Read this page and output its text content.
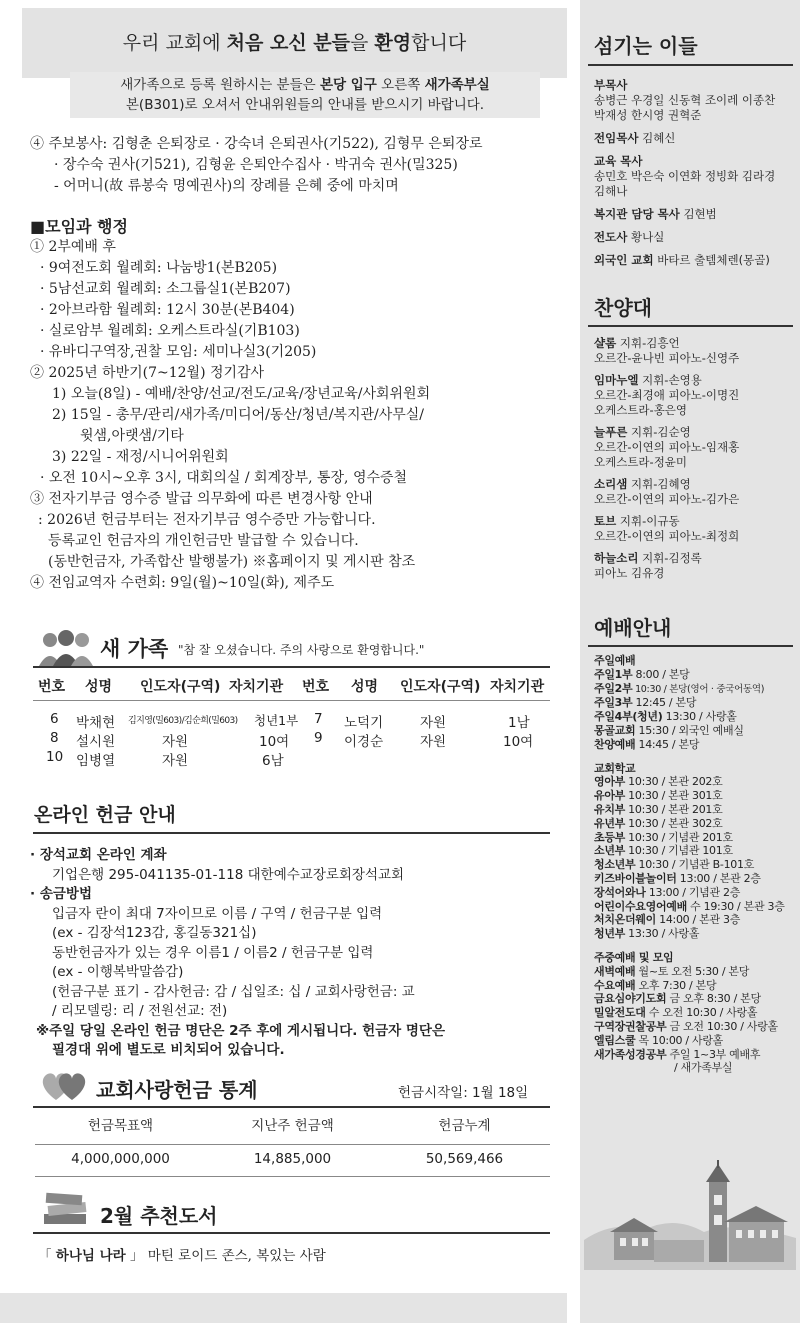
우리 교회에 처음 오신 분들을 환영합니다
새가족으로 등록 원하시는 분들은 본당 입구 오른쪽 새가족부실
본(B301)로 오셔서 안내위원들의 안내를 받으시기 바랍니다.
④ 주보봉사: 김형춘 은퇴장로 · 강숙녀 은퇴권사(기522), 김형무 은퇴장로
· 장수숙 권사(기521), 김형윤 은퇴안수집사 · 박귀숙 권사(밀325)
- 어머니(故 류봉숙 명예권사)의 장례를 은혜 중에 마치며
■모임과 행정
① 2부예배 후
· 9여전도회 월례회: 나눔방1(본B205)
· 5남선교회 월례회: 소그룹실1(본B207)
· 2아브라함 월례회: 12시 30분(본B404)
· 실로암부 월례회: 오케스트라실(기B103)
· 유바디구역장,권찰 모임: 세미나실3(기205)
② 2025년 하반기(7~12월) 정기감사
1) 오늘(8일) - 예배/찬양/선교/전도/교육/장년교육/사회위원회
2) 15일 - 총무/관리/새가족/미디어/동산/청년/복지관/사무실/
윗샘,아랫샘/기타
3) 22일 - 재정/시니어위원회
· 오전 10시~오후 3시, 대회의실 / 회계장부, 통장, 영수증철
③ 전자기부금 영수증 발급 의무화에 따른 변경사항 안내
: 2026년 헌금부터는 전자기부금 영수증만 가능합니다.
등록교인 헌금자의 개인헌금만 발급할 수 있습니다.
(동반헌금자, 가족합산 발행불가) ※홈페이지 및 게시판 참조
④ 전임교역자 수련회: 9일(월)~10일(화), 제주도
새 가족 "참 잘 오셨습니다. 주의 사랑으로 환영합니다."
번호 성명 인도자(구역) 자치기관 번호 성명 인도자(구역) 자치기관
6 박채현 김지영(밀603)/김순희(밀603) 청년1부 7 노덕기	자원	1남
8 설시원	자원	10여 9 이경순	자원	10여
10 임병열	자원	6남
온라인 헌금 안내
· 장석교회 온라인 계좌
기업은행 295-041135-01-118 대한예수교장로회장석교회
· 송금방법
입금자 란이 최대 7자이므로 이름 / 구역 / 헌금구분 입력
(ex - 김장석123감, 홍길동321십)
동반헌금자가 있는 경우 이름1 / 이름2 / 헌금구분 입력
(ex - 이행복박말씀감)
(헌금구분 표기 - 감사헌금: 감 / 십일조: 십 / 교회사랑헌금: 교
/ 리모델링: 리 / 전원선교: 전)
※주일 당일 온라인 헌금 명단은 2주 후에 게시됩니다. 헌금자 명단은
필경대 위에 별도로 비치되어 있습니다.
교회사랑헌금 통계	헌금시작일: 1월 18일
헌금목표액	지난주 헌금액	헌금누계
4,000,000,000	14,885,000	50,569,466
2월 추천도서
「 하나님 나라 」 마틴 로이드 존스, 복있는 사람
섬기는 이들
부목사
송병근 우경일 신동혁 조이레 이종찬
박재성 한시영 권혁준
전임목사 김혜신
교육 목사
송민호 박은숙 이연화 정빙화 김라경
김해나
복지관 담당 목사 김현범
전도사 황나실
외국인 교회 바타르 출템체렌(몽골)
찬양대
샬롬 지휘-김흥언
오르간-윤나빈 피아노-신영주
임마누엘 지휘-손영용
오르간-최경애 피아노-이명진
오케스트라-홍은영
늘푸른 지휘-김순영
오르간-이연의 피아노-임재홍
오케스트라-정윤미
소리샘 지휘-김혜영
오르간-이연의 피아노-김가은
토브 지휘-이규동
오르간-이연의 피아노-최정희
하늘소리 지휘-김정록
피아노 김유경
예배안내
주일예배
주일1부 8:00 / 본당
주일2부 10:30 / 본당(영어 · 중국어동역)
주일3부 12:45 / 본당
주일4부(청년) 13:30 / 사랑홀
몽골교회 15:30 / 외국인 예배실
찬양예배 14:45 / 본당
교회학교
영아부 10:30 / 본관 202호
유아부 10:30 / 본관 301호
유치부 10:30 / 본관 201호
유년부 10:30 / 본관 302호
초등부 10:30 / 기념관 201호
소년부 10:30 / 기념관 101호
청소년부 10:30 / 기념관 B-101호
키즈바이블놀이터 13:00 / 본관 2층
장석어와나 13:00 / 기념관 2층
어린이수요영어예배 수 19:30 / 본관 3층
처치온더웨이 14:00 / 본관 3층
청년부 13:30 / 사랑홀
주중예배 및 모임
새벽예배 월~토 오전 5:30 / 본당
수요예배 오후 7:30 / 본당
금요심야기도회 금 오후 8:30 / 본당
밀알전도대 수 오전 10:30 / 사랑홀
구역장권찰공부 금 오전 10:30 / 사랑홀
엘림스쿨 목 10:00 / 사랑홀
새가족성경공부 주일 1~3부 예배후
/ 새가족부실
